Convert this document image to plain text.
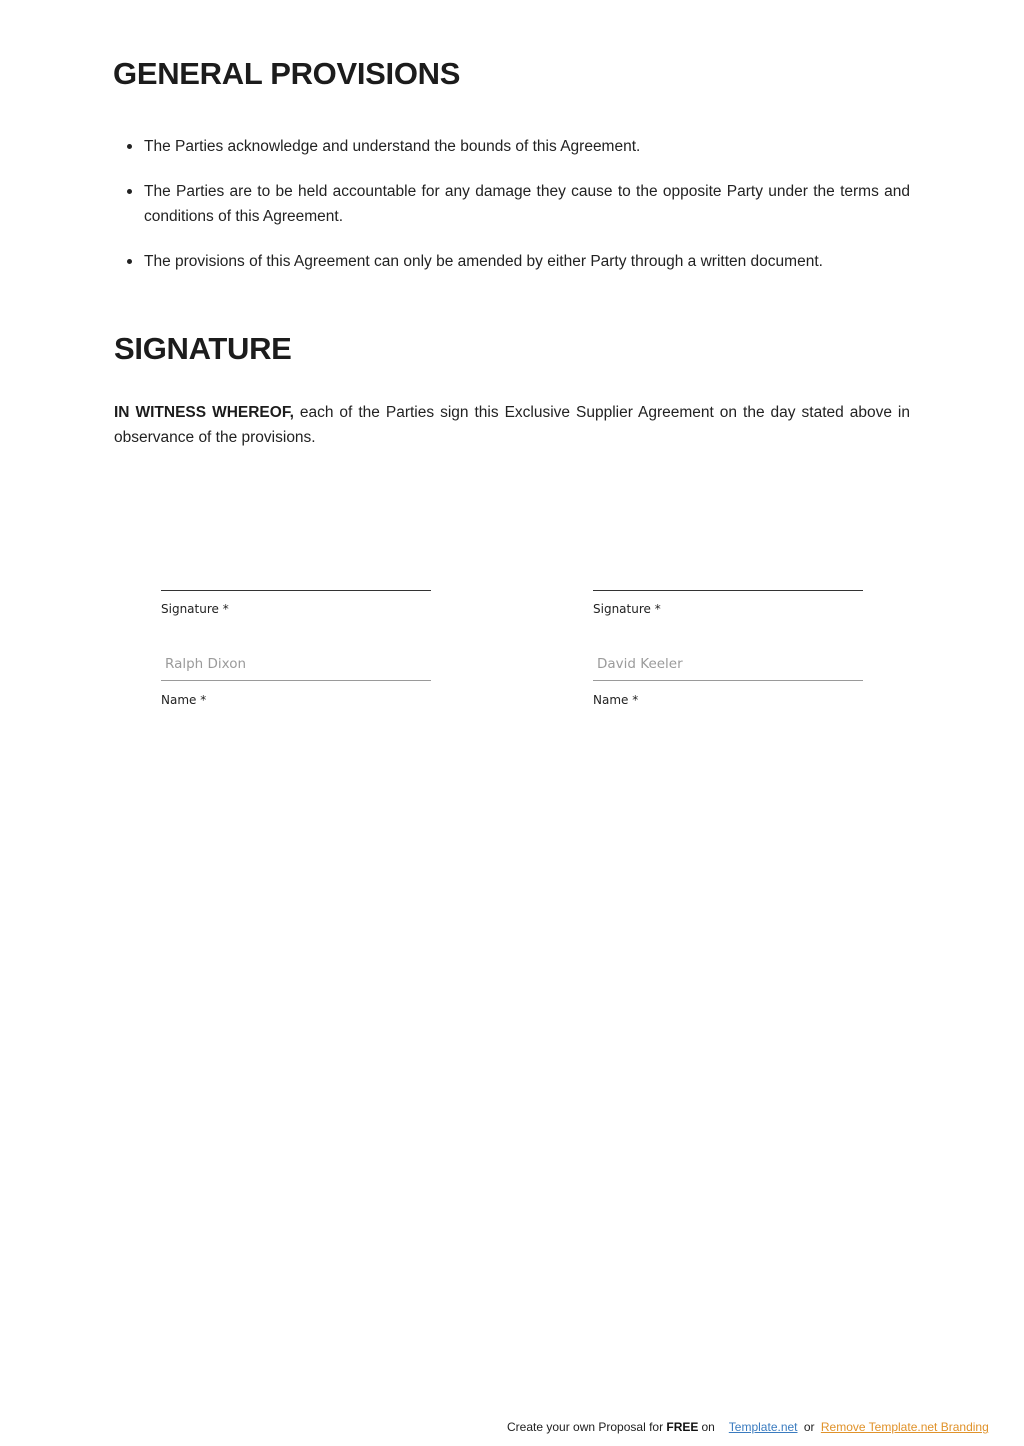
GENERAL PROVISIONS
The Parties acknowledge and understand the bounds of this Agreement.
The Parties are to be held accountable for any damage they cause to the opposite Party under the terms and conditions of this Agreement.
The provisions of this Agreement can only be amended by either Party through a written document.
SIGNATURE

IN WITNESS WHEREOF, each of the Parties sign this Exclusive Supplier Agreement on the day stated above in observance of the provisions.

Signature *
Ralph Dixon
Name *
Signature *
David Keeler
Name *
Create your own Proposal for FREE on Template.net or Remove Template.net Branding
